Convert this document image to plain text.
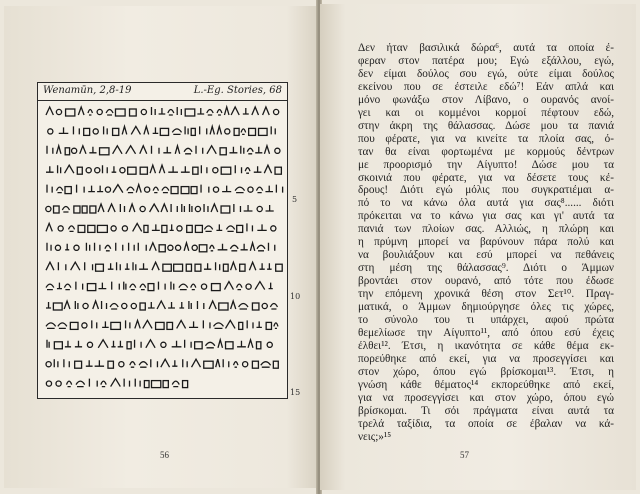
Wenamūn, 2,8-19	L.-Eg. Stories, 68
5
10
15
56	57
Δεν ήταν βασιλικά δώρα⁶, αυτά τα οποία έ-
φεραν στον πατέρα μου; Εγώ εξάλλου, εγώ,
δεν είμαι δούλος σου εγώ, ούτε είμαι δούλος
εκείνου που σε έστειλε εδώ⁷! Εάν απλά και
μόνο φωνάξω στον Λίβανο, ο ουρανός ανοί-
γει και οι κομμένοι κορμοί πέφτουν εδώ,
στην άκρη της θάλασσας. Δώσε μου τα πανιά
που φέρατε, για να κινείτε τα πλοία σας, ό-
ταν θα είναι φορτωμένα με κορμούς δέντρων
με προορισμό την Αίγυπτο! Δώσε μου τα
σκοινιά που φέρατε, για να δέσετε τους κέ-
δρους! Διότι εγώ μόλις που συγκρατιέμαι α-
πό το να κάνω όλα αυτά για σας⁸...... διότι
πρόκειται να το κάνω για σας και γι' αυτά τα
πανιά των πλοίων σας. Αλλιώς, η πλώρη και
η πρύμνη μπορεί να βαρύνουν πάρα πολύ και
να βουλιάξουν και εσύ μπορεί να πεθάνεις
στη μέση της θάλασσας⁹. Διότι ο Άμμων
βροντάει στον ουρανό, από τότε που έδωσε
την επόμενη χρονικά θέση στον Σετ¹⁰. Πραγ-
ματικά, ο Άμμων δημιούργησε όλες τις χώρες,
το σύνολο του τι υπάρχει, αφού πρώτα
θεμελίωσε την Αίγυπτο¹¹, από όπου εσύ έχεις
έλθει¹². Έτσι, η ικανότητα σε κάθε θέμα εκ-
πορεύθηκε από εκεί, για να προσεγγίσει και
στον χώρο, όπου εγώ βρίσκομαι¹³. Έτσι, η
γνώση κάθε θέματος¹⁴ εκπορεύθηκε από εκεί,
για να προσεγγίσει και στον χώρο, όπου εγώ
βρίσκομαι. Τι σόι πράγματα είναι αυτά τα
τρελά ταξίδια, τα οποία σε έβαλαν να κά-
νεις;»¹⁵
